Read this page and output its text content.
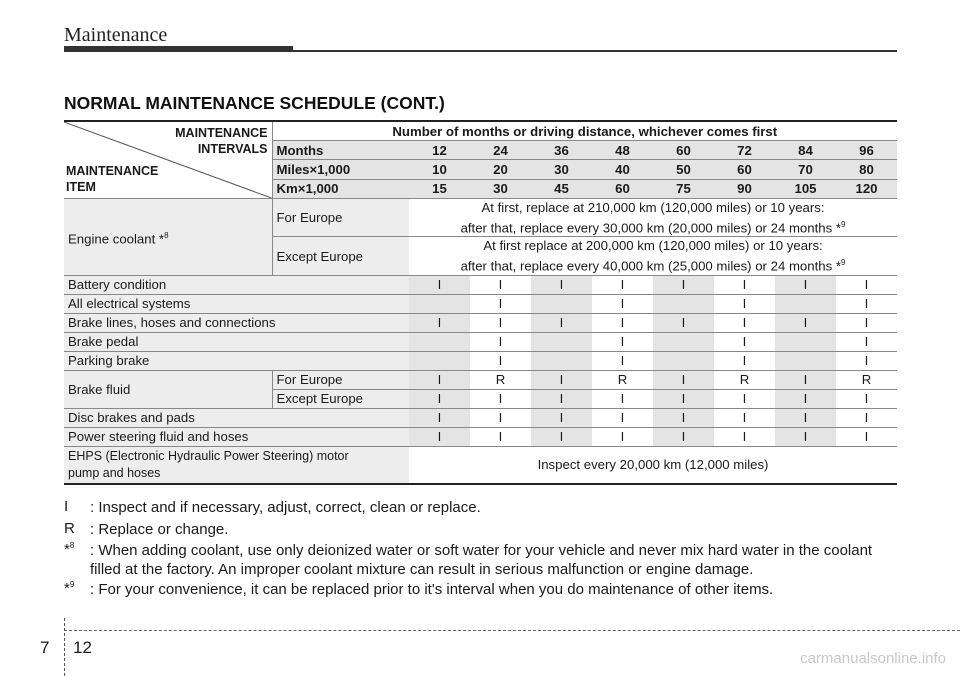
Maintenance
NORMAL MAINTENANCE SCHEDULE (CONT.)
MAINTENANCE
INTERVALS
MAINTENANCE
ITEM	Number of months or driving distance, whichever comes first								
	Months	12	24	36	48	60	72	84	96
	Miles×1,000	10	20	30	40	50	60	70	80
	Km×1,000	15	30	45	60	75	90	105	120
Engine coolant *$^8$	For Europe	At first, replace at 210,000 km (120,000 miles) or 10 years:
after that, replace every 30,000 km (20,000 miles) or 24 months *$^9$

	Except Europe	At first replace at 200,000 km (120,000 miles) or 10 years:
after that, replace every 40,000 km (25,000 miles) or 24 months *$^9$

Battery condition		I	I	I	I	I	I	I	I
All electrical systems			I		I		I		I
Brake lines, hoses and connections		I	I	I	I	I	I	I	I
Brake pedal			I		I		I		I
Parking brake			I		I		I		I
Brake fluid	For Europe	I	R	I	R	I	R	I	R
	Except Europe	I	I	I	I	I	I	I	I
Disc brakes and pads		I	I	I	I	I	I	I	I
Power steering fluid and hoses		I	I	I	I	I	I	I	I

EHPS (Electronic Hydraulic Power Steering) motor
pump and hoses		Inspect every 20,000 km (12,000 miles)							
I : Inspect and if necessary, adjust, correct, clean or replace.
R : Replace or change.
*$^8$ : When adding coolant, use only deionized water or soft water for your vehicle and never mix hard water in the coolant filled at the factory. An improper coolant mixture can result in serious malfunction or engine damage.
*$^9$ : For your convenience, it can be replaced prior to it's interval when you do maintenance of other items.
7 12
carmanualsonline.info
